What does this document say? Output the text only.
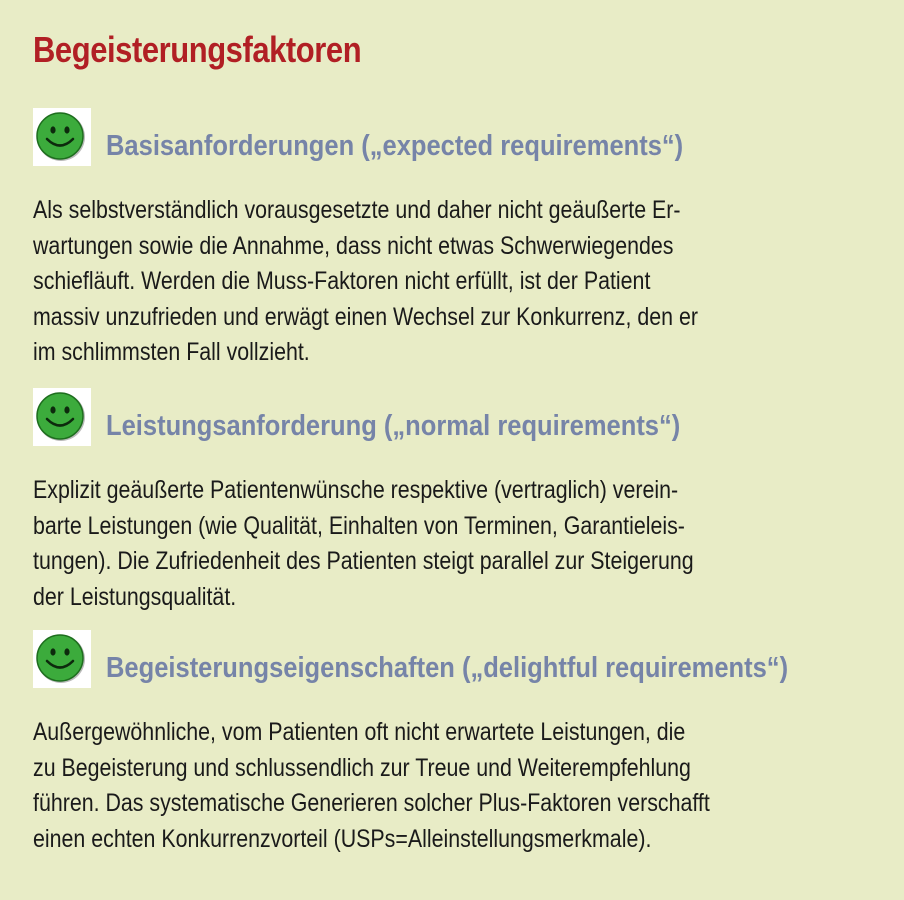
Begeisterungsfaktoren
Basisanforderungen („expected requirements“)
Als selbstverständlich vorausgesetzte und daher nicht geäußerte Er-
wartungen sowie die Annahme, dass nicht etwas Schwerwiegendes
schiefläuft. Werden die Muss-Faktoren nicht erfüllt, ist der Patient
massiv unzufrieden und erwägt einen Wechsel zur Konkurrenz, den er
im schlimmsten Fall vollzieht.
Leistungsanforderung („normal requirements“)
Explizit geäußerte Patientenwünsche respektive (vertraglich) verein-
barte Leistungen (wie Qualität, Einhalten von Terminen, Garantieleis-
tungen). Die Zufriedenheit des Patienten steigt parallel zur Steigerung
der Leistungsqualität.
Begeisterungseigenschaften („delightful requirements“)
Außergewöhnliche, vom Patienten oft nicht erwartete Leistungen, die
zu Begeisterung und schlussendlich zur Treue und Weiterempfehlung
führen. Das systematische Generieren solcher Plus-Faktoren verschafft
einen echten Konkurrenzvorteil (USPs=Alleinstellungsmerkmale).
